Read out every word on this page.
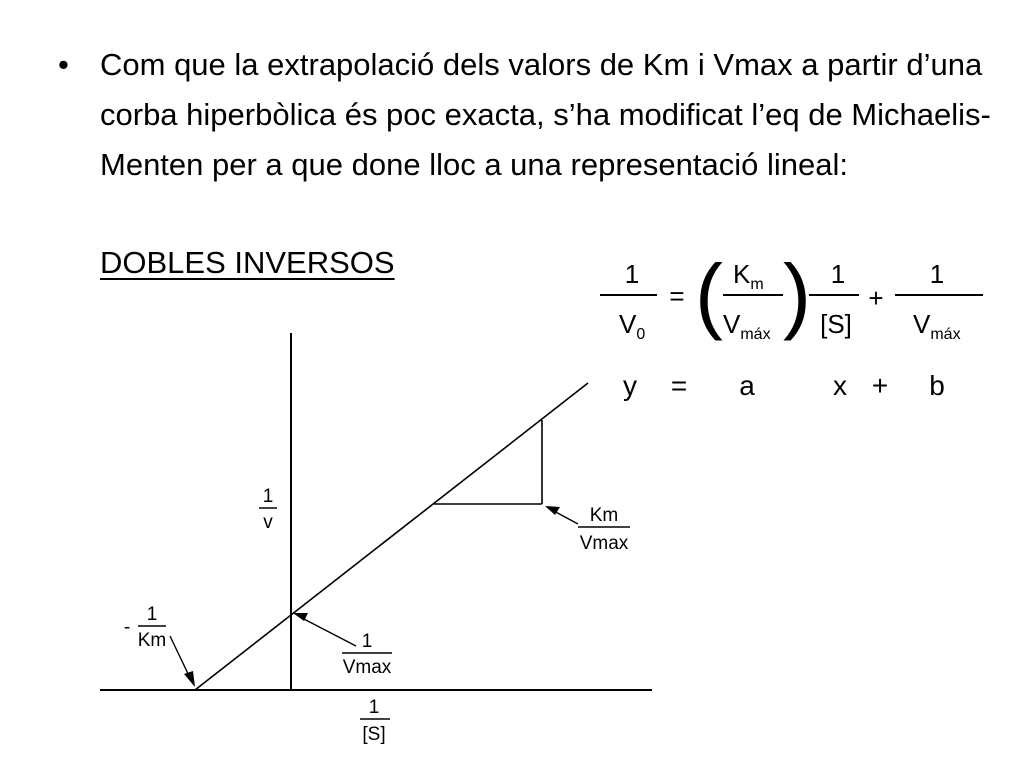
• Com que la extrapolació dels valors de Km i Vmax a partir d’una corba hiperbòlica és poc exacta, s’ha modificat l’eq de Michaelis-Menten per a que done lloc a una representació lineal:
DOBLES INVERSOS	1
$V_0$
= ( )
$K_m$
$V_{máx}$
1
[S]
+
1
$V_{máx}$
y = a	x + b
1
v
1
[S]
-
1
Km	1
Vmax
Km
Vmax
